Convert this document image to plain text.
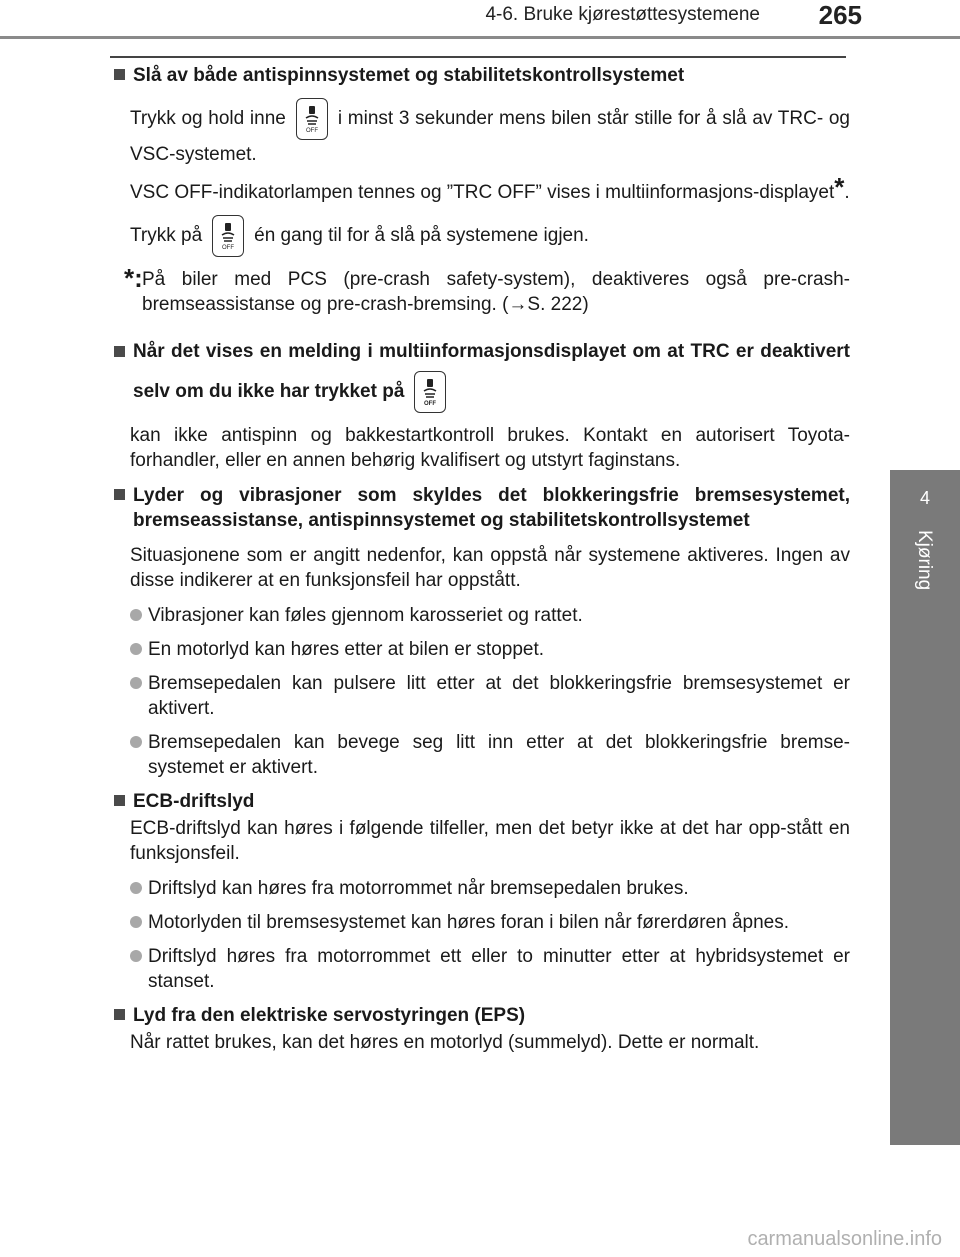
4-6. Bruke kjørestøttesystemene 265
4
Kjøring
Slå av både antispinnsystemet og stabilitetskontrollsystemet
Trykk og hold inne
OFF
i minst 3 sekunder mens bilen står stille for å slå av TRC- og VSC-systemet.
VSC OFF-indikatorlampen tennes og ”TRC OFF” vises i multiinformasjons-displayet*.
Trykk på
OFF
én gang til for å slå på systemene igjen.
*: På biler med PCS (pre-crash safety-system), deaktiveres også pre-crash-bremseassistanse og pre-crash-bremsing. (→S. 222)
Når det vises en melding i multiinformasjonsdisplayet om at TRC er deaktivert selv om du ikke har trykket på
OFF
kan ikke antispinn og bakkestartkontroll brukes. Kontakt en autorisert Toyota-forhandler, eller en annen behørig kvalifisert og utstyrt faginstans.
Lyder og vibrasjoner som skyldes det blokkeringsfrie bremsesystemet, bremseassistanse, antispinnsystemet og stabilitetskontrollsystemet
Situasjonene som er angitt nedenfor, kan oppstå når systemene aktiveres. Ingen av disse indikerer at en funksjonsfeil har oppstått.
Vibrasjoner kan føles gjennom karosseriet og rattet.
En motorlyd kan høres etter at bilen er stoppet.
Bremsepedalen kan pulsere litt etter at det blokkeringsfrie bremsesystemet er aktivert.
Bremsepedalen kan bevege seg litt inn etter at det blokkeringsfrie bremse-systemet er aktivert.
ECB-driftslyd
ECB-driftslyd kan høres i følgende tilfeller, men det betyr ikke at det har opp-stått en funksjonsfeil.
Driftslyd kan høres fra motorrommet når bremsepedalen brukes.
Motorlyden til bremsesystemet kan høres foran i bilen når førerdøren åpnes.
Driftslyd høres fra motorrommet ett eller to minutter etter at hybridsystemet er stanset.
Lyd fra den elektriske servostyringen (EPS)
Når rattet brukes, kan det høres en motorlyd (summelyd). Dette er normalt.
carmanualsonline.info
